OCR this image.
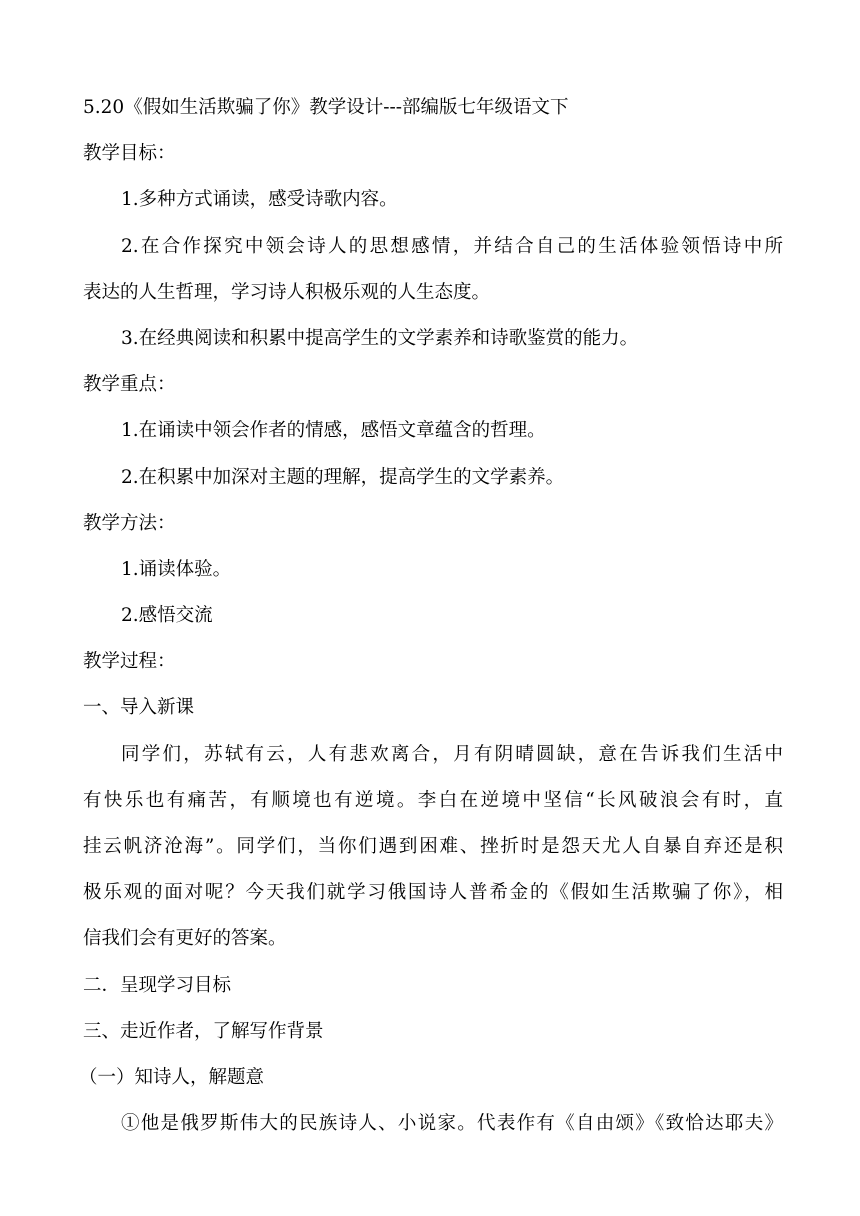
5.20《假如生活欺骗了你》教学设计---部编版七年级语文下
教学目标：
1.多种方式诵读，感受诗歌内容。
2.在合作探究中领会诗人的思想感情，并结合自己的生活体验领悟诗中所
表达的人生哲理，学习诗人积极乐观的人生态度。
3.在经典阅读和积累中提高学生的文学素养和诗歌鉴赏的能力。
教学重点：
1.在诵读中领会作者的情感，感悟文章蕴含的哲理。
2.在积累中加深对主题的理解，提高学生的文学素养。
教学方法：
1.诵读体验。
2.感悟交流
教学过程：
一、导入新课
同学们，苏轼有云，人有悲欢离合，月有阴晴圆缺，意在告诉我们生活中
有快乐也有痛苦，有顺境也有逆境。李白在逆境中坚信“长风破浪会有时，直
挂云帆济沧海”。同学们，当你们遇到困难、挫折时是怨天尤人自暴自弃还是积
极乐观的面对呢？今天我们就学习俄国诗人普希金的《假如生活欺骗了你》，相
信我们会有更好的答案。
二．呈现学习目标
三、走近作者，了解写作背景
（一）知诗人，解题意
①他是俄罗斯伟大的民族诗人、小说家。代表作有《自由颂》《致恰达耶夫》
